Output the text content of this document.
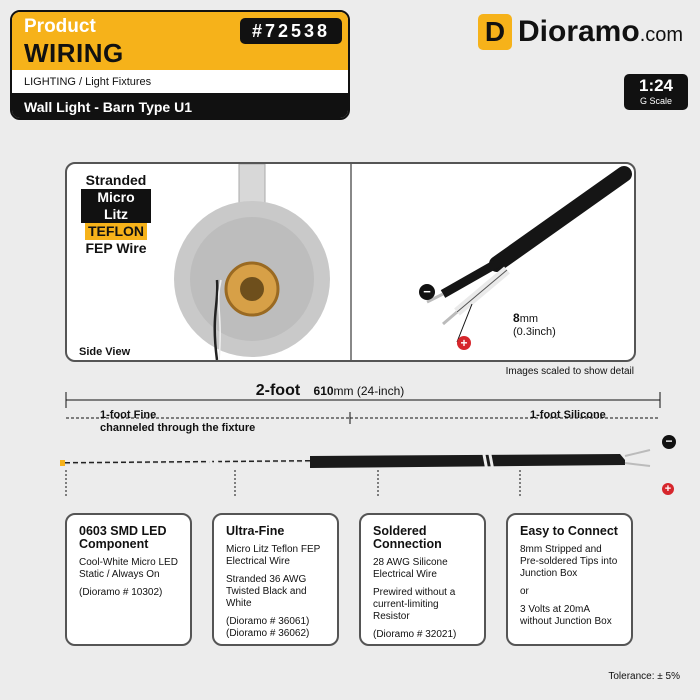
Product
WIRING
#72538
LIGHTING / Light Fixtures
Wall Light - Barn Type U1
D Dioramo.com
1:24
G Scale
Stranded
Micro Litz
TEFLON
FEP Wire
Side View
−
+
8mm
(0.3inch)
Images scaled to show detail
2-foot 610mm (24-inch)
1-foot Fine
channeled through the fixture
1-foot Silicone
−
+
0603 SMD LED Component

Cool-White Micro LED Static / Always On

(Dioramo # 10302)

Ultra-Fine

Micro Litz Teflon FEP Electrical Wire

Stranded 36 AWG Twisted Black and White

(Dioramo # 36061) (Dioramo # 36062)

Soldered Connection

28 AWG Silicone Electrical Wire

Prewired without a current-limiting Resistor

(Dioramo # 32021)

Easy to Connect

8mm Stripped and Pre-soldered Tips into Junction Box

or

3 Volts at 20mA without Junction Box

Tolerance: ± 5%
